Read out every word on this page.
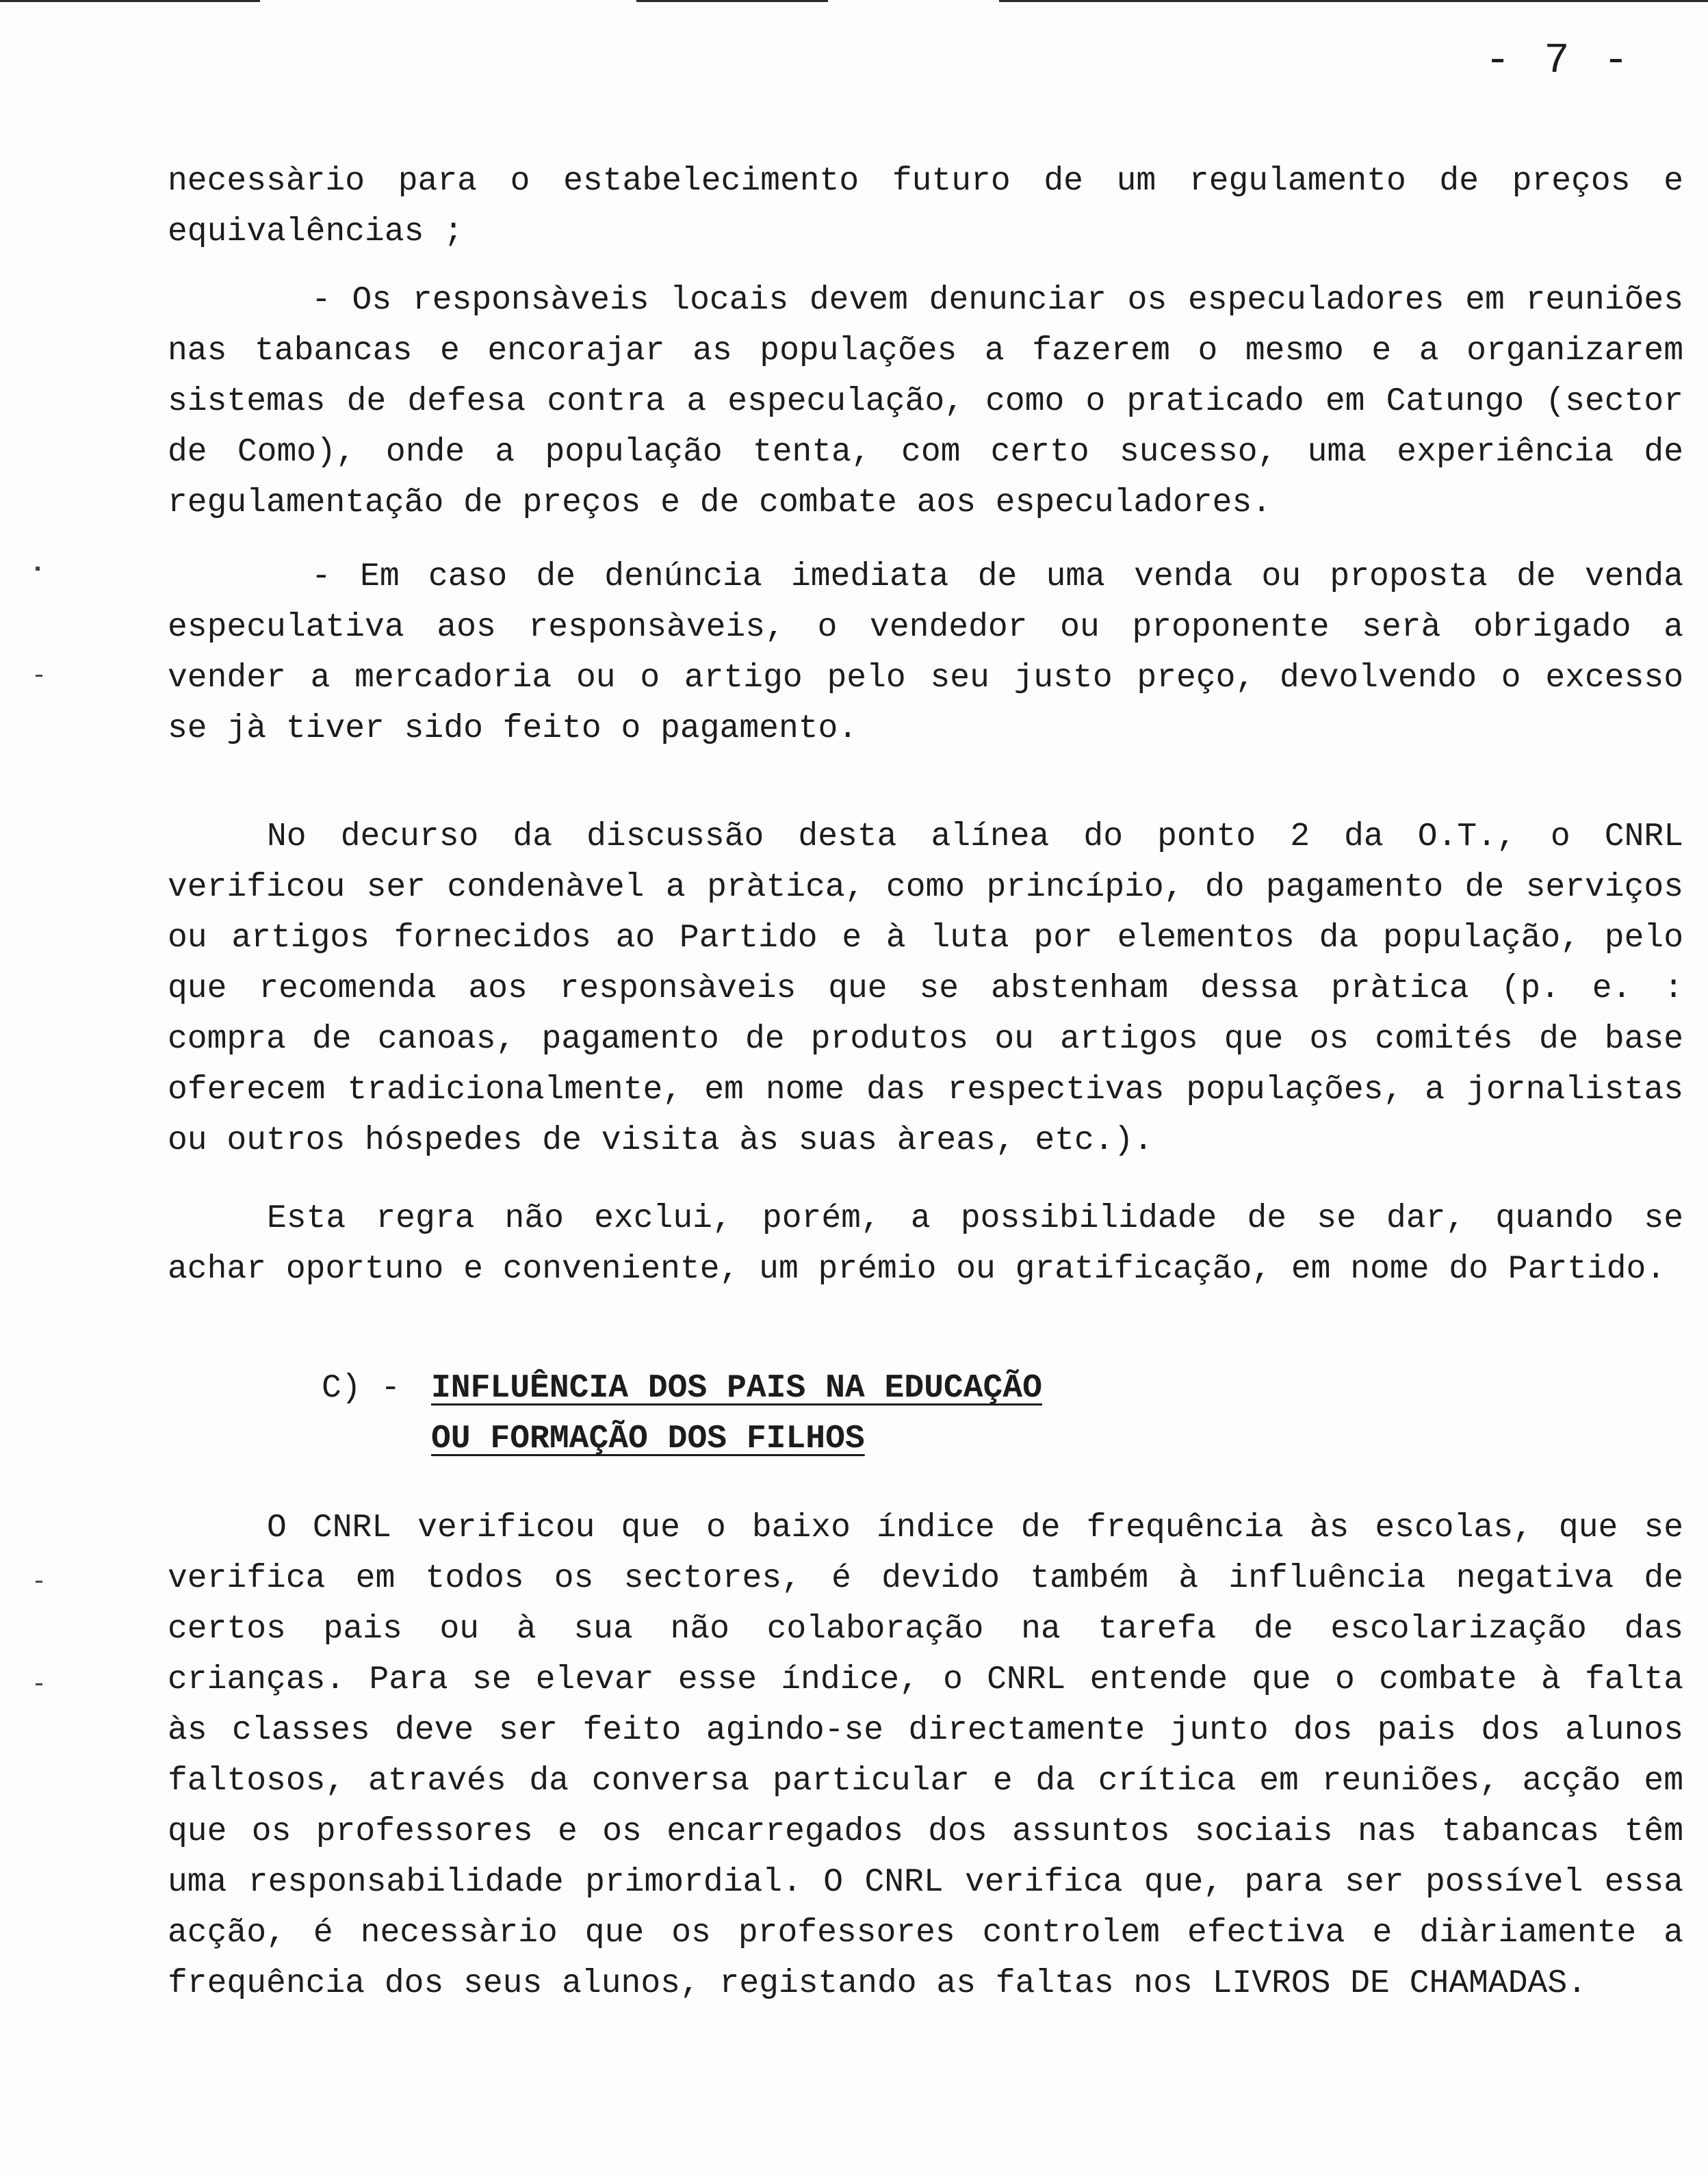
- 7 -
necessàrio para o estabelecimento futuro de um regulamento de preços e equivalências ;
- Os responsàveis locais devem denunciar os especuladores em reuniões nas tabancas e encorajar as populações a fazerem o mesmo e a organizarem sistemas de defesa contra a especulação, como o praticado em Catungo (sector de Como), onde a população tenta, com certo sucesso, uma experiência de regulamentação de preços e de combate aos especuladores.
- Em caso de denúncia imediata de uma venda ou proposta de venda especulativa aos responsàveis, o vendedor ou proponente serà obrigado a vender a mercadoria ou o artigo pelo seu justo preço, devolvendo o excesso se jà tiver sido feito o pagamento.
No decurso da discussão desta alínea do ponto 2 da O.T., o CNRL verificou ser condenàvel a pràtica, como princípio, do pagamento de serviços ou artigos fornecidos ao Partido e à luta por elementos da população, pelo que recomenda aos responsàveis que se abstenham dessa pràtica (p. e. : compra de canoas, pagamento de produtos ou artigos que os comités de base oferecem tradicionalmente, em nome das respectivas populações, a jornalistas ou outros hóspedes de visita às suas àreas, etc.).
Esta regra não exclui, porém, a possibilidade de se dar, quando se achar oportuno e conveniente, um prémio ou gratificação, em nome do Partido.
C) - INFLUÊNCIA DOS PAIS NA EDUCAÇÃO
OU FORMAÇÃO DOS FILHOS
O CNRL verificou que o baixo índice de frequência às escolas, que se verifica em todos os sectores, é devido também à influência negativa de certos pais ou à sua não colaboração na tarefa de escolarização das crianças. Para se elevar esse índice, o CNRL entende que o combate à falta às classes deve ser feito agindo-se directamente junto dos pais dos alunos faltosos, através da conversa particular e da crítica em reuniões, acção em que os professores e os encarregados dos assuntos sociais nas tabancas têm uma responsabilidade primordial. O CNRL verifica que, para ser possível essa acção, é necessàrio que os professores controlem efectiva e diàriamente a frequência dos seus alunos, registando as faltas nos LIVROS DE CHAMADAS.
